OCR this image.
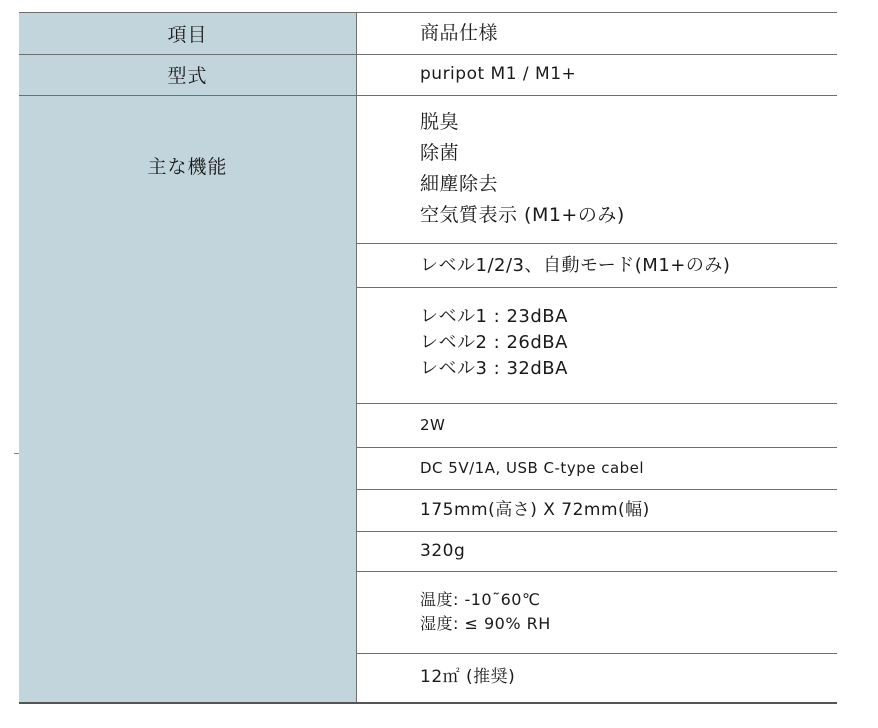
項目	商品仕様
型式	puripot M1 / M1+
主な機能
脱臭
除菌
細塵除去
空気質表示 (M1+のみ)
レベル1/2/3、自動モード(M1+のみ)
レベル1 : 23dBA
レベル2 : 26dBA
レベル3 : 32dBA
2W
DC 5V/1A, USB C-type cabel
175mm(高さ) X 72mm(幅)
320g
温度: -10˜60℃
湿度: ≤ 90% RH
12㎡ (推奨)
